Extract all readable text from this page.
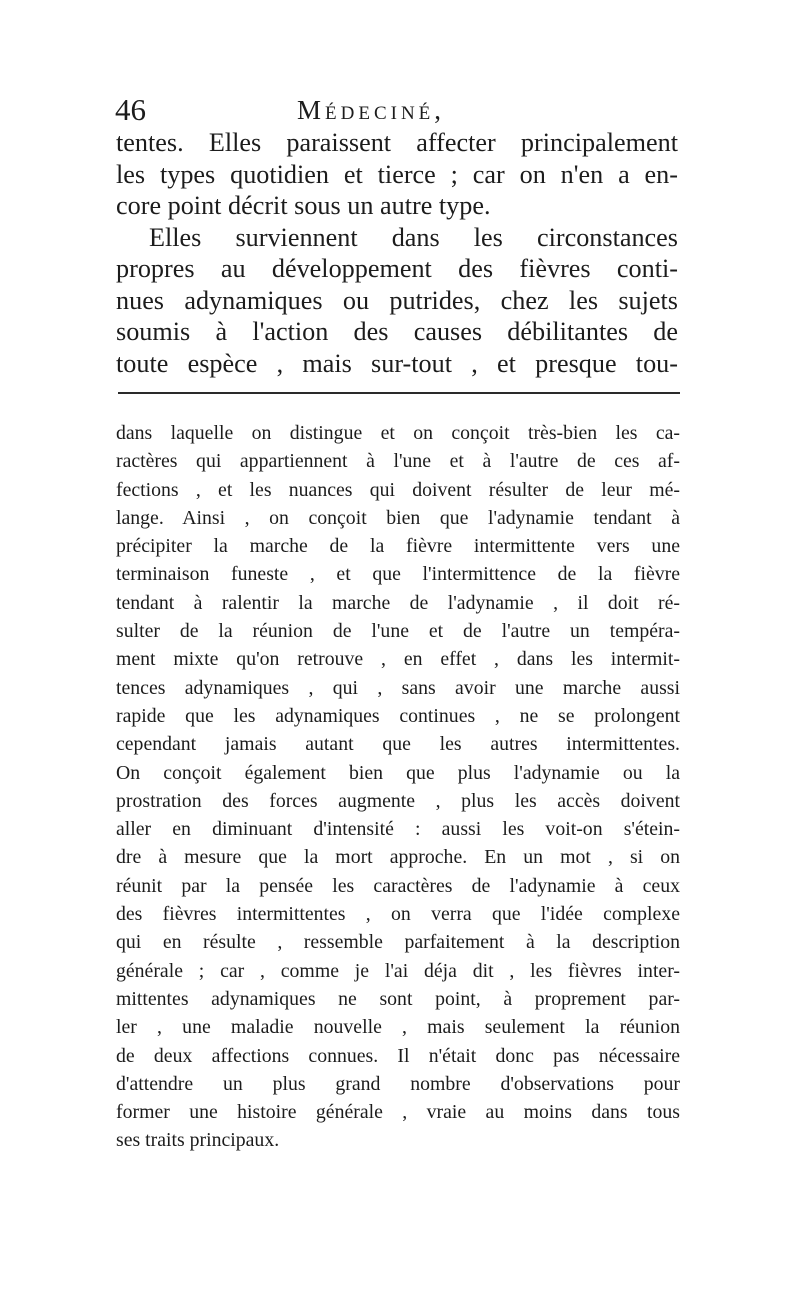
46	Médeciné,
tentes. Elles paraissent affecter principalement
les types quotidien et tierce ; car on n'en a en-
core point décrit sous un autre type.
Elles surviennent dans les circonstances
propres au développement des fièvres conti-
nues adynamiques ou putrides, chez les sujets
soumis à l'action des causes débilitantes de
toute espèce , mais sur-tout , et presque tou-
dans laquelle on distingue et on conçoit très-bien les ca-
ractères qui appartiennent à l'une et à l'autre de ces af-
fections , et les nuances qui doivent résulter de leur mé-
lange. Ainsi , on conçoit bien que l'adynamie tendant à
précipiter la marche de la fièvre intermittente vers une
terminaison funeste , et que l'intermittence de la fièvre
tendant à ralentir la marche de l'adynamie , il doit ré-
sulter de la réunion de l'une et de l'autre un tempéra-
ment mixte qu'on retrouve , en effet , dans les intermit-
tences adynamiques , qui , sans avoir une marche aussi
rapide que les adynamiques continues , ne se prolongent
cependant jamais autant que les autres intermittentes.
On conçoit également bien que plus l'adynamie ou la
prostration des forces augmente , plus les accès doivent
aller en diminuant d'intensité : aussi les voit-on s'étein-
dre à mesure que la mort approche. En un mot , si on
réunit par la pensée les caractères de l'adynamie à ceux
des fièvres intermittentes , on verra que l'idée complexe
qui en résulte , ressemble parfaitement à la description
générale ; car , comme je l'ai déja dit , les fièvres inter-
mittentes adynamiques ne sont point, à proprement par-
ler , une maladie nouvelle , mais seulement la réunion
de deux affections connues. Il n'était donc pas nécessaire
d'attendre un plus grand nombre d'observations pour
former une histoire générale , vraie au moins dans tous
ses traits principaux.
